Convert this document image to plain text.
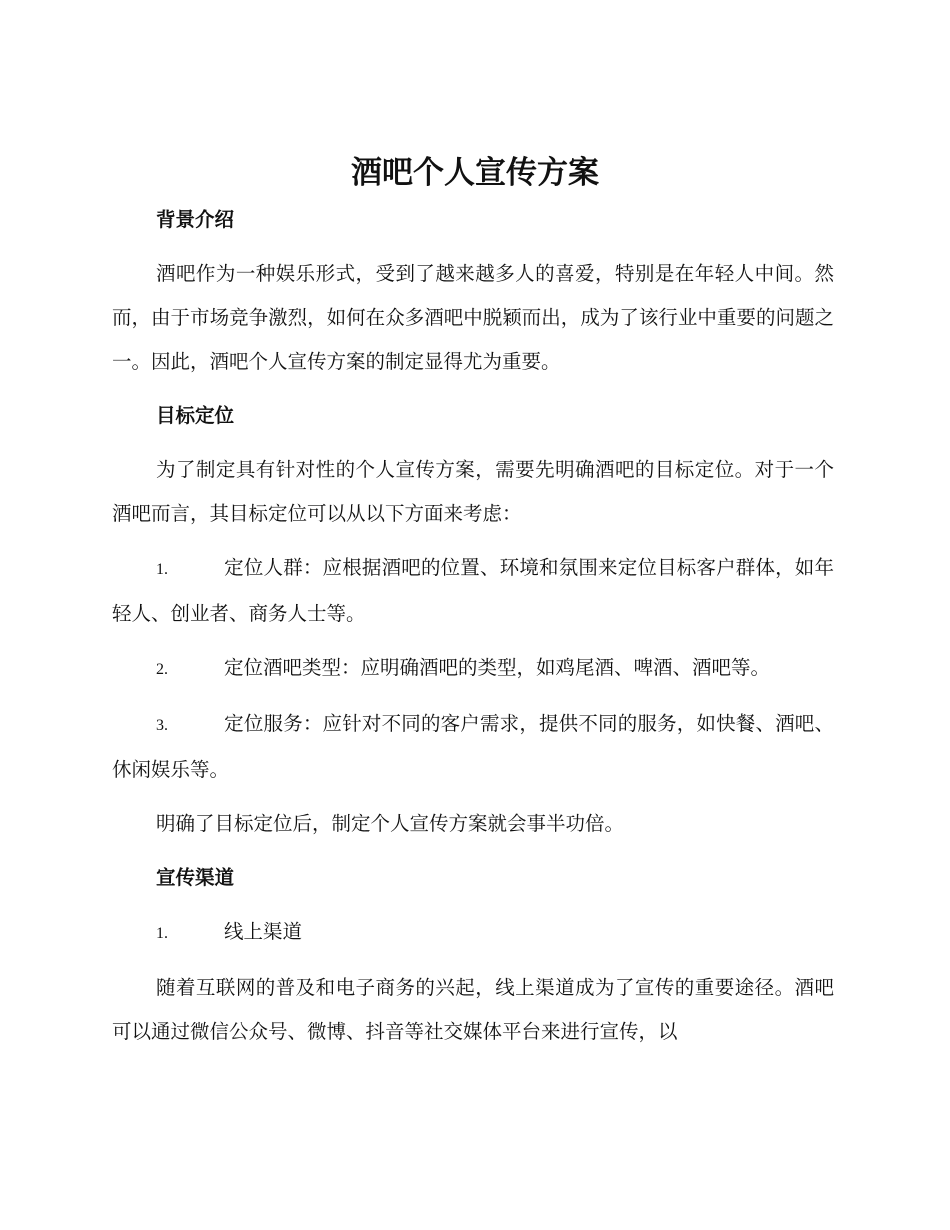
酒吧个人宣传方案
背景介绍

酒吧作为一种娱乐形式，受到了越来越多人的喜爱，特别是在年轻人中间。然而，由于市场竞争激烈，如何在众多酒吧中脱颖而出，成为了该行业中重要的问题之一。因此，酒吧个人宣传方案的制定显得尤为重要。

目标定位

为了制定具有针对性的个人宣传方案，需要先明确酒吧的目标定位。对于一个酒吧而言，其目标定位可以从以下方面来考虑：

1.	定位人群：应根据酒吧的位置、环境和氛围来定位目标客户群体，如年轻人、创业者、商务人士等。

2.	定位酒吧类型：应明确酒吧的类型，如鸡尾酒、啤酒、酒吧等。

3.	定位服务：应针对不同的客户需求，提供不同的服务，如快餐、酒吧、休闲娱乐等。

明确了目标定位后，制定个人宣传方案就会事半功倍。

宣传渠道

1.	线上渠道

随着互联网的普及和电子商务的兴起，线上渠道成为了宣传的重要途径。酒吧可以通过微信公众号、微博、抖音等社交媒体平台来进行宣传，以
